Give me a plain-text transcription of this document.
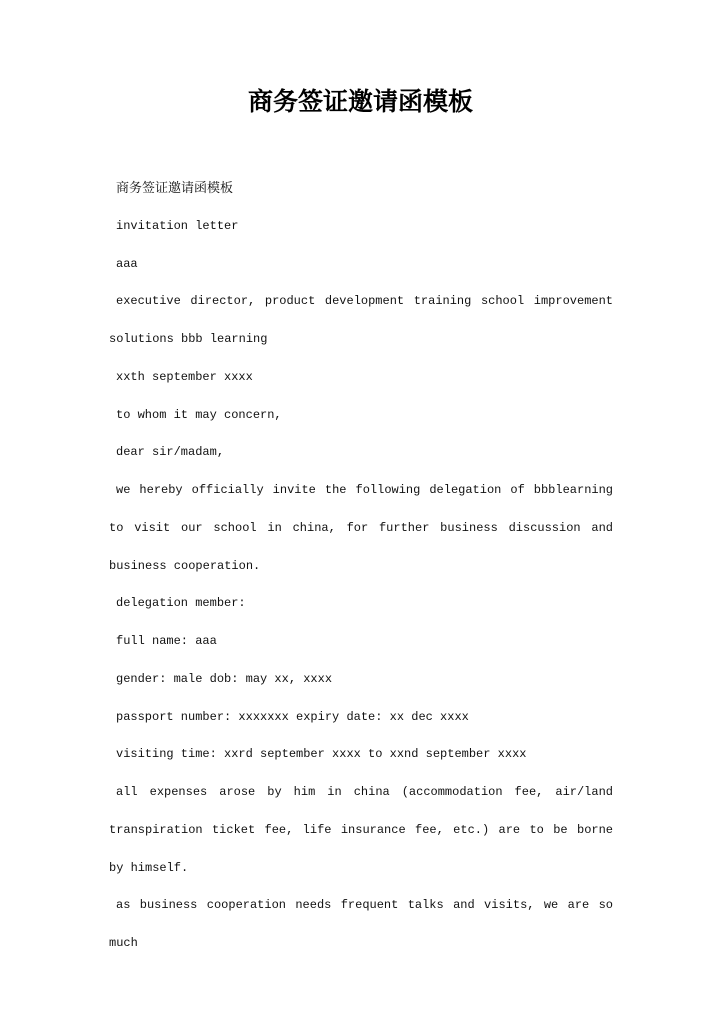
商务签证邀请函模板

商务签证邀请函模板

invitation letter

aaa

executive director, product development training school improvement solutions bbb learning

xxth september xxxx

to whom it may concern,

dear sir/madam,

we hereby officially invite the following delegation of bbblearning to visit our school in china, for further business discussion and business cooperation.

delegation member:

full name: aaa

gender: male dob: may xx, xxxx

passport number: xxxxxxx expiry date: xx dec xxxx

visiting time: xxrd september xxxx to xxnd september xxxx

all expenses arose by him in china (accommodation fee, air/land transpiration ticket fee, life insurance fee, etc.) are to be borne by himself.

as business cooperation needs frequent talks and visits, we are so much
